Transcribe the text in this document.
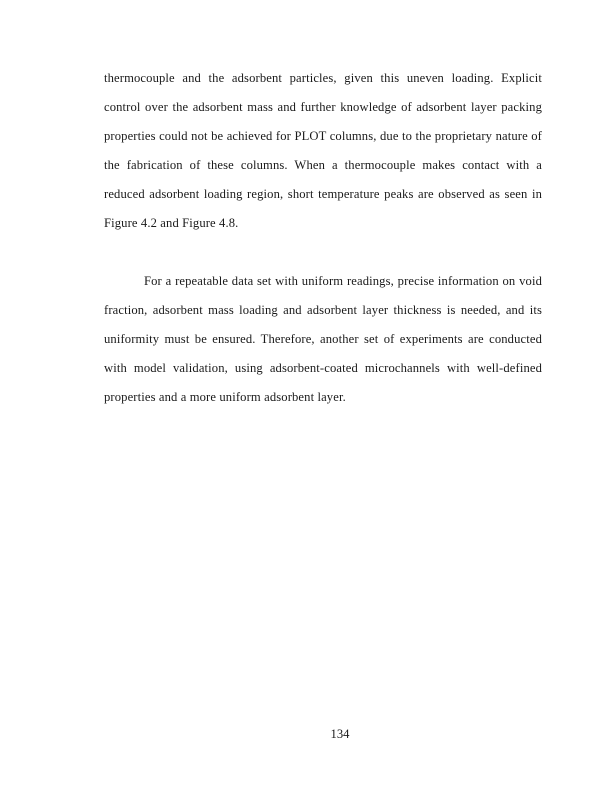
thermocouple and the adsorbent particles, given this uneven loading. Explicit control over the adsorbent mass and further knowledge of adsorbent layer packing properties could not be achieved for PLOT columns, due to the proprietary nature of the fabrication of these columns. When a thermocouple makes contact with a reduced adsorbent loading region, short temperature peaks are observed as seen in Figure 4.2 and Figure 4.8.

For a repeatable data set with uniform readings, precise information on void fraction, adsorbent mass loading and adsorbent layer thickness is needed, and its uniformity must be ensured. Therefore, another set of experiments are conducted with model validation, using adsorbent-coated microchannels with well-defined properties and a more uniform adsorbent layer.

134
